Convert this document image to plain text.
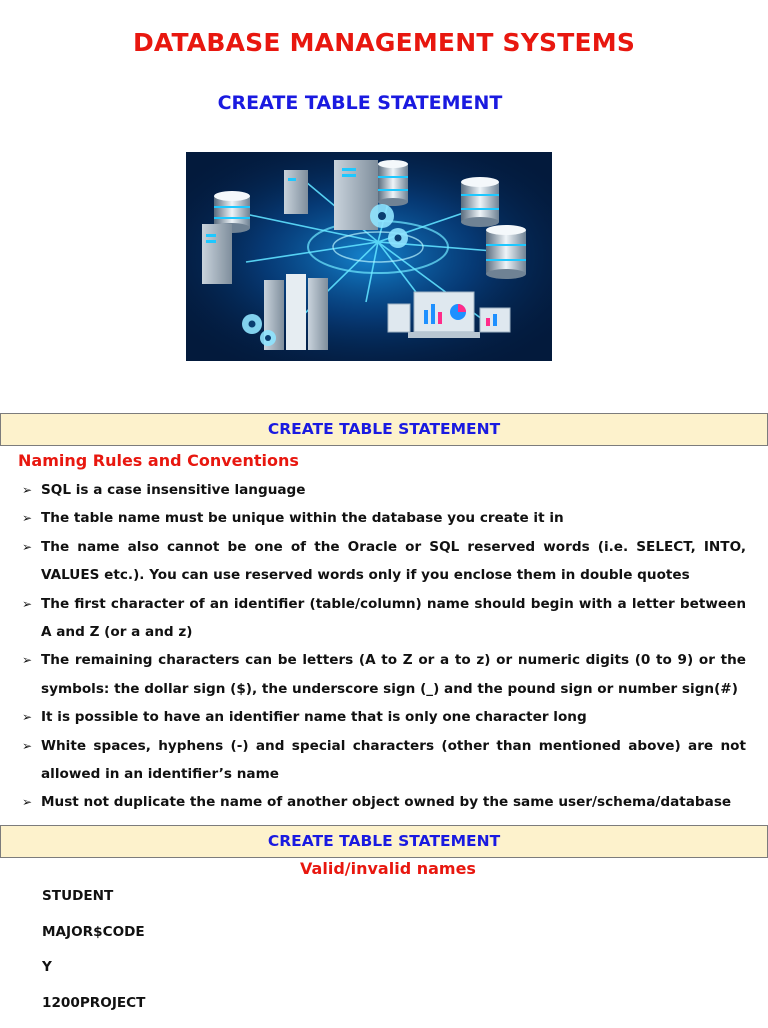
DATABASE MANAGEMENT SYSTEMS
CREATE TABLE STATEMENT
CREATE TABLE STATEMENT
Naming Rules and Conventions
➢ SQL is a case insensitive language
➢ The table name must be unique within the database you create it in
➢ The name also cannot be one of the Oracle or SQL reserved words (i.e. SELECT, INTO, VALUES etc.). You can use reserved words only if you enclose them in double quotes
➢ The first character of an identifier (table/column) name should begin with a letter between A and Z (or a and z)
➢ The remaining characters can be letters (A to Z or a to z) or numeric digits (0 to 9) or the symbols: the dollar sign ($), the underscore sign (_) and the pound sign or number sign(#)
➢ It is possible to have an identifier name that is only one character long
➢ White spaces, hyphens (-) and special characters (other than mentioned above) are not allowed in an identifier’s name
➢ Must not duplicate the name of another object owned by the same user/schema/database
CREATE TABLE STATEMENT
Valid/invalid names
STUDENT
MAJOR$CODE
Y
1200PROJECT
